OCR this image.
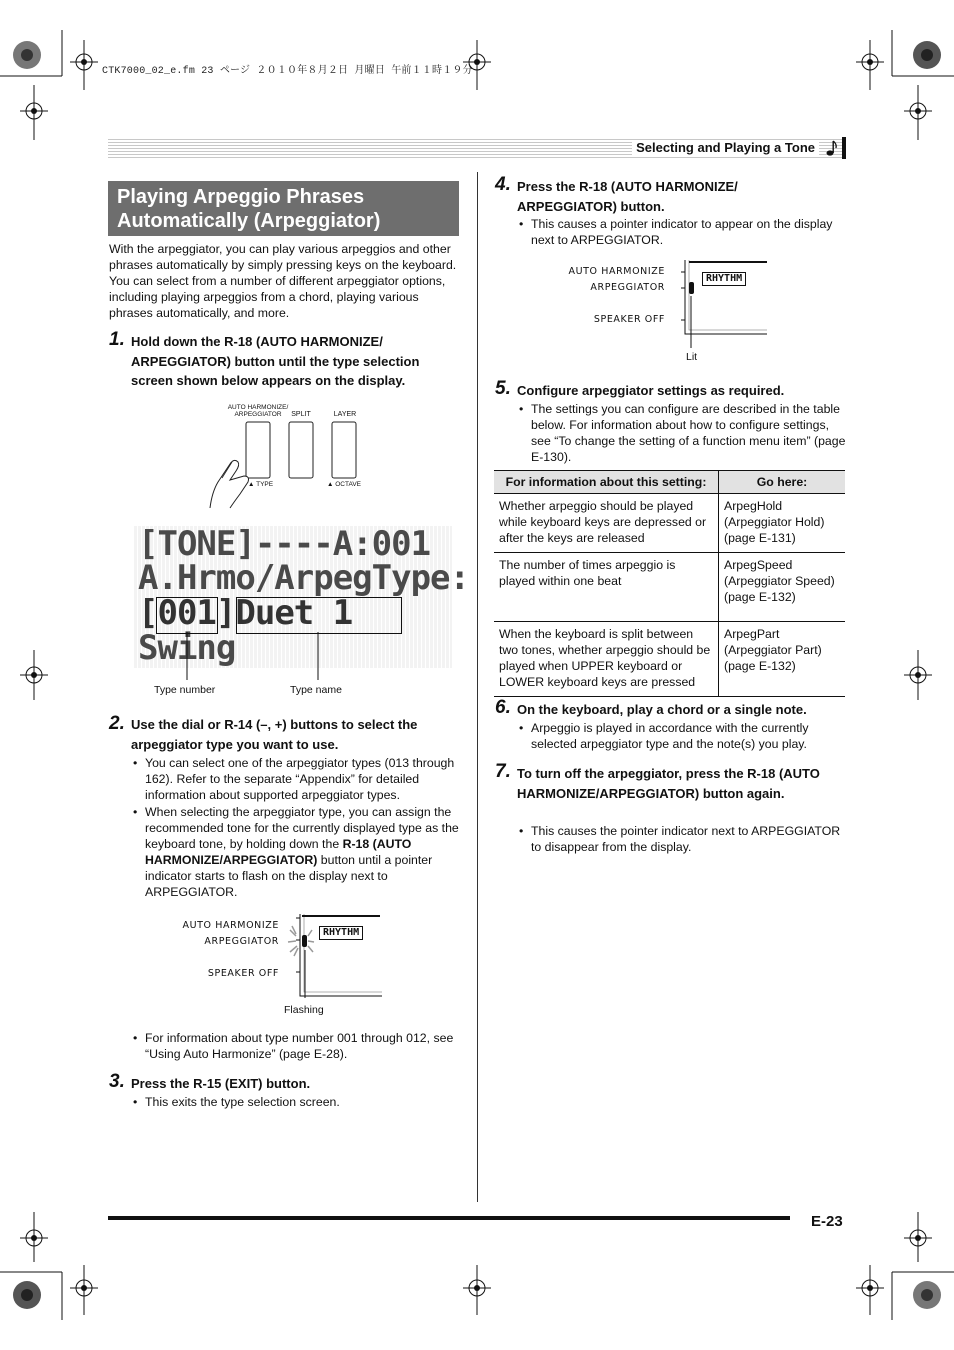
CTK7000_02_e.fm 23 ページ ２０１０年８月２日 月曜日 午前１１時１９分
Selecting and Playing a Tone
Playing Arpeggio Phrases
Automatically (Arpeggiator)

With the arpeggiator, you can play various arpeggios and other phrases automatically by simply pressing keys on the keyboard. You can select from a number of different arpeggiator options, including playing arpeggios from a chord, playing various phrases automatically, and more.

1. Hold down the R-18 (AUTO HARMONIZE/ ARPEGGIATOR) button until the type selection screen shown below appears on the display.

AUTO HARMONIZE/ ARPEGGIATOR	SPLIT	LAYER
▲ TYPE	▲ OCTAVE
[TONE]----A:001
A.Hrmo/ArpegType:
[001]Duet 1
Swing
Type number	Type name
2. Use the dial or R-14 (–, +) buttons to select the arpeggiator type you want to use.

• You can select one of the arpeggiator types (013 through 162). Refer to the separate “Appendix” for detailed information about supported arpeggiator types.
• When selecting the arpeggiator type, you can assign the recommended tone for the currently displayed type as the keyboard tone, by holding down the R-18 (AUTO HARMONIZE/ARPEGGIATOR) button until a pointer indicator starts to flash on the display next to ARPEGGIATOR.
AUTO HARMONIZE
ARPEGGIATOR
SPEAKER OFF
RHYTHM
Flashing
• For information about type number 001 through 012, see “Using Auto Harmonize” (page E-28).
3. Press the R-15 (EXIT) button.

• This exits the type selection screen.
4. Press the R-18 (AUTO HARMONIZE/ ARPEGGIATOR) button.

• This causes a pointer indicator to appear on the display next to ARPEGGIATOR.
AUTO HARMONIZE
ARPEGGIATOR
SPEAKER OFF
RHYTHM
Lit
5. Configure arpeggiator settings as required.

• The settings you can configure are described in the table below. For information about how to configure settings, see “To change the setting of a function menu item” (page E-130).
For information about this setting:	Go here:
Whether arpeggio should be played while keyboard keys are depressed or after the keys are released	ArpegHold (Arpeggiator Hold) (page E-131)
The number of times arpeggio is played within one beat	ArpegSpeed (Arpeggiator Speed) (page E-132)
When the keyboard is split between two tones, whether arpeggio should be played when UPPER keyboard or LOWER keyboard keys are pressed	ArpegPart (Arpeggiator Part) (page E-132)
6. On the keyboard, play a chord or a single note.

• Arpeggio is played in accordance with the currently selected arpeggiator type and the note(s) you play.
7. To turn off the arpeggiator, press the R-18 (AUTO HARMONIZE/ARPEGGIATOR) button again.

• This causes the pointer indicator next to ARPEGGIATOR to disappear from the display.
E-23
